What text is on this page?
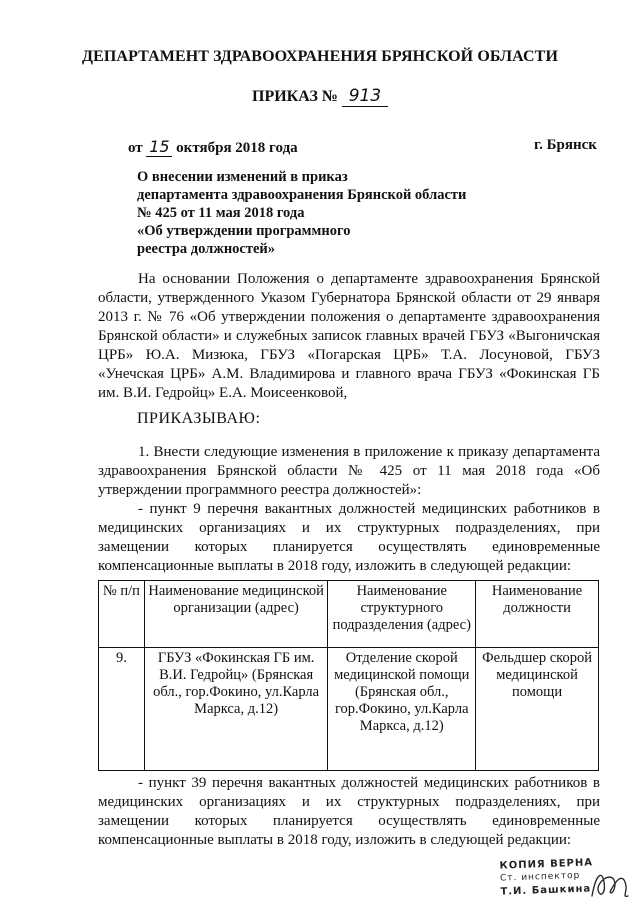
ДЕПАРТАМЕНТ ЗДРАВООХРАНЕНИЯ БРЯНСКОЙ ОБЛАСТИ
ПРИКАЗ № 913
от 15 октября 2018 года	г. Брянск
О внесении изменений в приказ
департамента здравоохранения Брянской области
№ 425 от 11 мая 2018 года
«Об утверждении программного
реестра должностей»

На основании Положения о департаменте здравоохранения Брянской области, утвержденного Указом Губернатора Брянской области от 29 января 2013 г. № 76 «Об утверждении положения о департаменте здравоохранения Брянской области» и служебных записок главных врачей ГБУЗ «Выгоничская ЦРБ» Ю.А. Мизюка, ГБУЗ «Погарская ЦРБ» Т.А. Лосуновой, ГБУЗ «Унечская ЦРБ» А.М. Владимирова и главного врача ГБУЗ «Фокинская ГБ им. В.И. Гедройц» Е.А. Моисеенковой,

ПРИКАЗЫВАЮ:

1. Внести следующие изменения в приложение к приказу департамента здравоохранения Брянской области № 425 от 11 мая 2018 года «Об утверждении программного реестра должностей»:

- пункт 9 перечня вакантных должностей медицинских работников в медицинских организациях и их структурных подразделениях, при замещении которых планируется осуществлять единовременные компенсационные выплаты в 2018 году, изложить в следующей редакции:

№ п/п	Наименование медицинской организации (адрес)	Наименование структурного подразделения (адрес)	Наименование должности
9.	ГБУЗ «Фокинская ГБ им. В.И. Гедройц» (Брянская обл., гор.Фокино, ул.Карла Маркса, д.12)	Отделение скорой медицинской помощи (Брянская обл., гор.Фокино, ул.Карла Маркса, д.12)	Фельдшер скорой медицинской помощи

- пункт 39 перечня вакантных должностей медицинских работников в медицинских организациях и их структурных подразделениях, при замещении которых планируется осуществлять единовременные компенсационные выплаты в 2018 году, изложить в следующей редакции:

КОПИЯ ВЕРНА
Ст. инспектор
Т.И. Башкина
